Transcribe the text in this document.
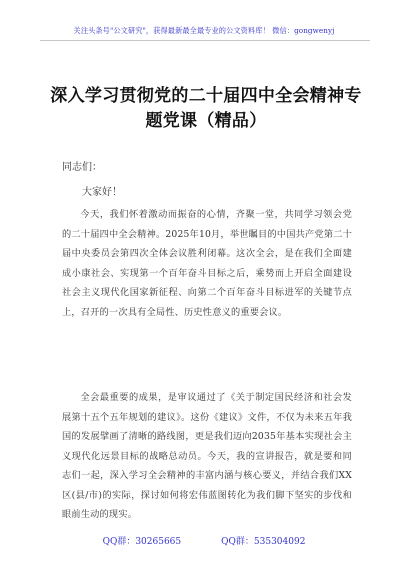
关注头条号"公文研究"，获得最新最全最专业的公文资料库！ 微信：gongwenyj
深入学习贯彻党的二十届四中全会精神专题党课（精品）
同志们：
大家好！
今天，我们怀着激动而振奋的心情，齐聚一堂，共同学习领会党的二十届四中全会精神。2025年10月，举世瞩目的中国共产党第二十届中央委员会第四次全体会议胜利闭幕。这次全会，是在我们全面建成小康社会、实现第一个百年奋斗目标之后，乘势而上开启全面建设社会主义现代化国家新征程、向第二个百年奋斗目标进军的关键节点上，召开的一次具有全局性、历史性意义的重要会议。
全会最重要的成果，是审议通过了《关于制定国民经济和社会发展第十五个五年规划的建议》。这份《建议》文件，不仅为未来五年我国的发展擘画了清晰的路线图，更是我们迈向2035年基本实现社会主义现代化远景目标的战略总动员。今天，我的宣讲报告，就是要和同志们一起，深入学习全会精神的丰富内涵与核心要义，并结合我们XX区(县/市)的实际，探讨如何将宏伟蓝图转化为我们脚下坚实的步伐和眼前生动的现实。
QQ群：30265665	QQ群：535304092
